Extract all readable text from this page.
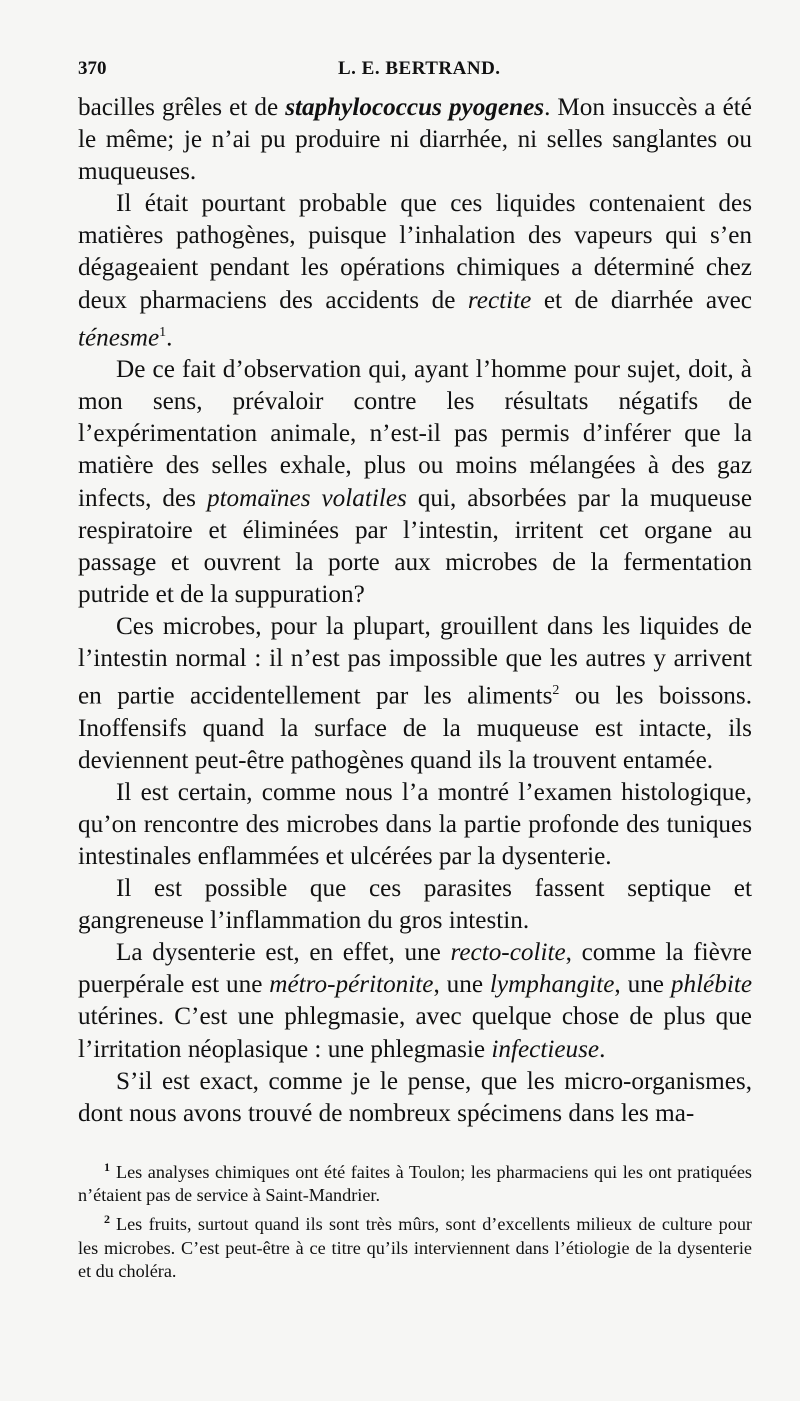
370	L. E. BERTRAND.

bacilles grêles et de staphylococcus pyogenes. Mon insuccès a été le même; je n’ai pu produire ni diarrhée, ni selles sanglantes ou muqueuses.

Il était pourtant probable que ces liquides contenaient des matières pathogènes, puisque l’inhalation des vapeurs qui s’en dégageaient pendant les opérations chimiques a déterminé chez deux pharmaciens des accidents de rectite et de diarrhée avec ténesme$^1$.

De ce fait d’observation qui, ayant l’homme pour sujet, doit, à mon sens, prévaloir contre les résultats négatifs de l’expérimentation animale, n’est-il pas permis d’inférer que la matière des selles exhale, plus ou moins mélangées à des gaz infects, des ptomaïnes volatiles qui, absorbées par la muqueuse respiratoire et éliminées par l’intestin, irritent cet organe au passage et ouvrent la porte aux microbes de la fermentation putride et de la suppuration?

Ces microbes, pour la plupart, grouillent dans les liquides de l’intestin normal : il n’est pas impossible que les autres y arrivent en partie accidentellement par les aliments$^2$ ou les boissons. Inoffensifs quand la surface de la muqueuse est intacte, ils deviennent peut-être pathogènes quand ils la trouvent entamée.

Il est certain, comme nous l’a montré l’examen histologique, qu’on rencontre des microbes dans la partie profonde des tuniques intestinales enflammées et ulcérées par la dysenterie.

Il est possible que ces parasites fassent septique et gangreneuse l’inflammation du gros intestin.

La dysenterie est, en effet, une recto-colite, comme la fièvre puerpérale est une métro-péritonite, une lymphangite, une phlébite utérines. C’est une phlegmasie, avec quelque chose de plus que l’irritation néoplasique : une phlegmasie infectieuse.

S’il est exact, comme je le pense, que les micro-organismes, dont nous avons trouvé de nombreux spécimens dans les ma-

$^1$ Les analyses chimiques ont été faites à Toulon; les pharmaciens qui les ont pratiquées n’étaient pas de service à Saint-Mandrier.

$^2$ Les fruits, surtout quand ils sont très mûrs, sont d’excellents milieux de culture pour les microbes. C’est peut-être à ce titre qu’ils interviennent dans l’étiologie de la dysenterie et du choléra.
